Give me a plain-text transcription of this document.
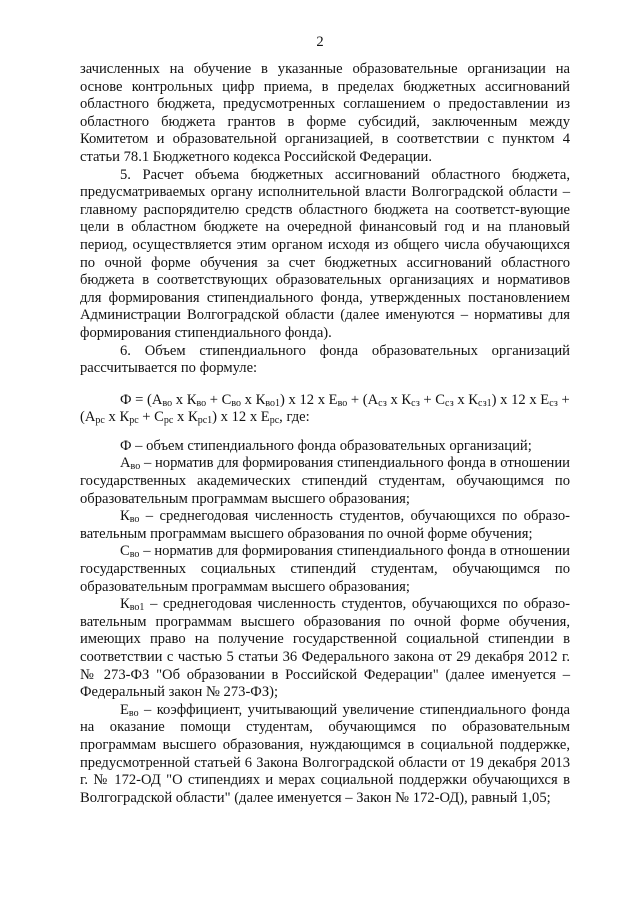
2

зачисленных на обучение в указанные образовательные организации на основе контрольных цифр приема, в пределах бюджетных ассигнований областного бюджета, предусмотренных соглашением о предоставлении из областного бюджета грантов в форме субсидий, заключенным между Комитетом и образовательной организацией, в соответствии с пунктом 4 статьи 78.1 Бюджетного кодекса Российской Федерации.

5. Расчет объема бюджетных ассигнований областного бюджета, предусматриваемых органу исполнительной власти Волгоградской области – главному распорядителю средств областного бюджета на соответст-вующие цели в областном бюджете на очередной финансовый год и на плановый период, осуществляется этим органом исходя из общего числа обучающихся по очной форме обучения за счет бюджетных ассигнований областного бюджета в соответствующих образовательных организациях и нормативов для формирования стипендиального фонда, утвержденных постановлением Администрации Волгоградской области (далее именуются – нормативы для формирования стипендиального фонда).

6. Объем стипендиального фонда образовательных организаций рассчитывается по формуле:

$Ф = (А_{во}$ х $К_{во} + С_{во}$ х $К_{во1}$) х 12 х $Е_{во} + (А_{сз}$ х $К_{сз} + С_{сз}$ х $К_{сз1}$) х 12 х $Е_{сз}$ +
($А_{рс}$ х $К_{рс} + С_{рс}$ х $К_{рс1}$) х 12 х $Е_{рс}$, где:

Ф – объем стипендиального фонда образовательных организаций;

$А_{во}$ – норматив для формирования стипендиального фонда в отношении государственных академических стипендий студентам, обучающимся по образовательным программам высшего образования;

$К_{во}$ – среднегодовая численность студентов, обучающихся по образо-вательным программам высшего образования по очной форме обучения;

$С_{во}$ – норматив для формирования стипендиального фонда в отношении государственных социальных стипендий студентам, обучающимся по образовательным программам высшего образования;

$К_{во1}$ – среднегодовая численность студентов, обучающихся по образо-вательным программам высшего образования по очной форме обучения, имеющих право на получение государственной социальной стипендии в соответствии с частью 5 статьи 36 Федерального закона от 29 декабря 2012 г. № 273-ФЗ "Об образовании в Российской Федерации" (далее именуется – Федеральный закон № 273-ФЗ);

$Е_{во}$ – коэффициент, учитывающий увеличение стипендиального фонда на оказание помощи студентам, обучающимся по образовательным программам высшего образования, нуждающимся в социальной поддержке, предусмотренной статьей 6 Закона Волгоградской области от 19 декабря 2013 г. № 172-ОД "О стипендиях и мерах социальной поддержки обучающихся в Волгоградской области" (далее именуется – Закон № 172-ОД), равный 1,05;
